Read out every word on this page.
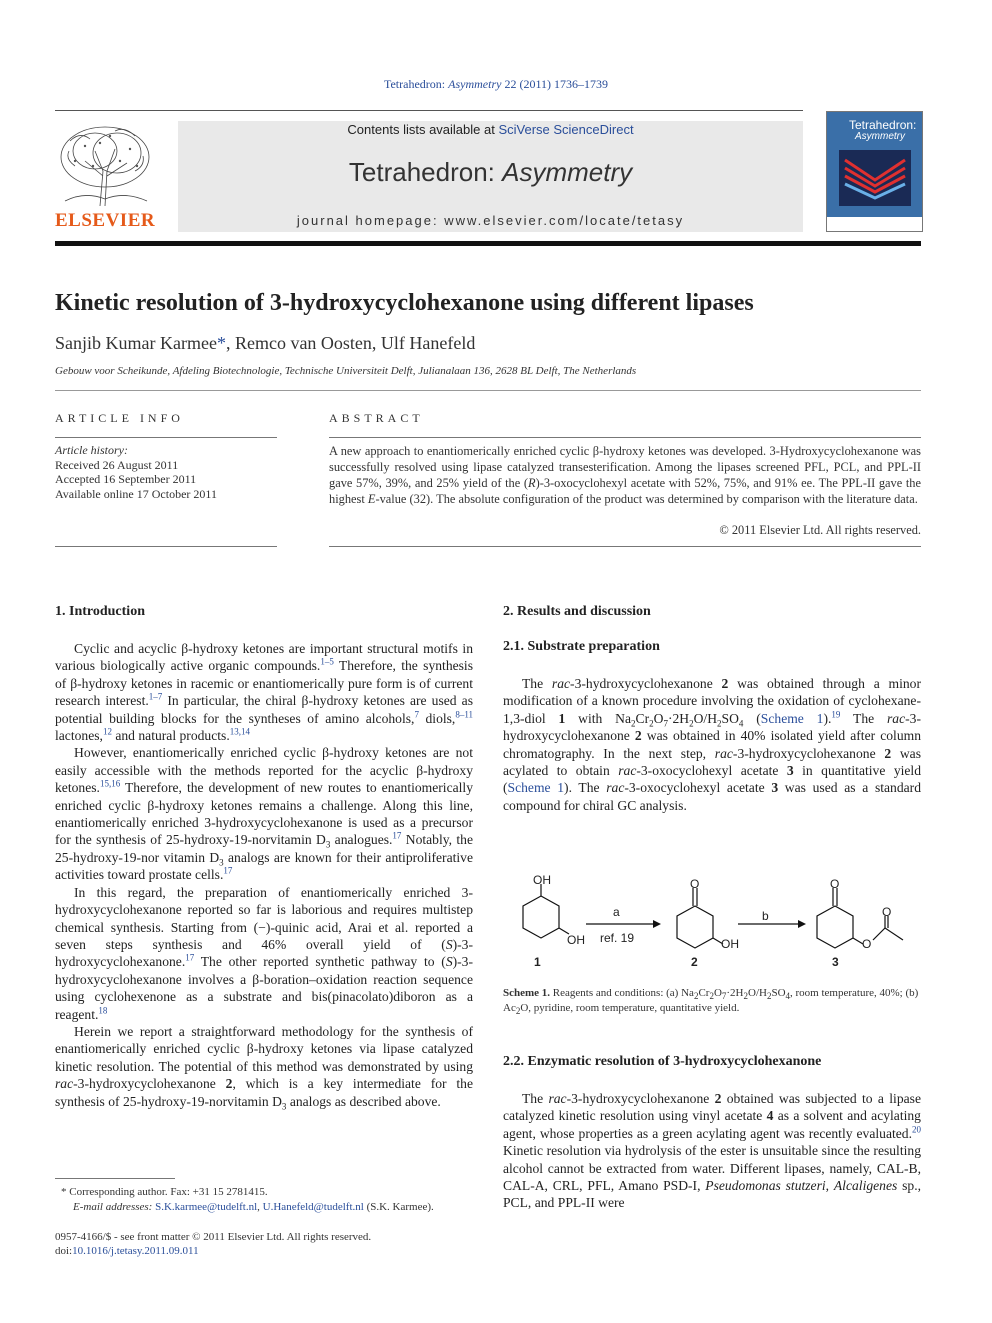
Tetrahedron: Asymmetry 22 (2011) 1736–1739
ELSEVIER
Contents lists available at SciVerse ScienceDirect
Tetrahedron: Asymmetry
journal homepage: www.elsevier.com/locate/tetasy
Tetrahedron:
Asymmetry
Kinetic resolution of 3-hydroxycyclohexanone using different lipases
Sanjib Kumar Karmee*, Remco van Oosten, Ulf Hanefeld
Gebouw voor Scheikunde, Afdeling Biotechnologie, Technische Universiteit Delft, Julianalaan 136, 2628 BL Delft, The Netherlands
ARTICLE INFO
Article history:
Received 26 August 2011
Accepted 16 September 2011
Available online 17 October 2011
ABSTRACT
A new approach to enantiomerically enriched cyclic β-hydroxy ketones was developed. 3-Hydroxycyclohexanone was successfully resolved using lipase catalyzed transesterification. Among the lipases screened PFL, PCL, and PPL-II gave 57%, 39%, and 25% yield of the (R)-3-oxocyclohexyl acetate with 52%, 75%, and 91% ee. The PPL-II gave the highest E-value (32). The absolute configuration of the product was determined by comparison with the literature data.
© 2011 Elsevier Ltd. All rights reserved.
1. Introduction

Cyclic and acyclic β-hydroxy ketones are important structural motifs in various biologically active organic compounds.$^{1-5}$ Therefore, the synthesis of β-hydroxy ketones in racemic or enantiomerically pure form is of current research interest.$^{1-7}$ In particular, the chiral β-hydroxy ketones are used as potential building blocks for the syntheses of amino alcohols,$^7$ diols,$^{8-11}$ lactones,$^{12}$ and natural products.$^{13,14}$

However, enantiomerically enriched cyclic β-hydroxy ketones are not easily accessible with the methods reported for the acyclic β-hydroxy ketones.$^{15,16}$ Therefore, the development of new routes to enantiomerically enriched cyclic β-hydroxy ketones remains a challenge. Along this line, enantiomerically enriched 3-hydroxycyclohexanone is used as a precursor for the synthesis of 25-hydroxy-19-norvitamin $D_3$ analogues.$^{17}$ Notably, the 25-hydroxy-19-nor vitamin $D_3$ analogs are known for their antiproliferative activities toward prostate cells.$^{17}$

In this regard, the preparation of enantiomerically enriched 3-hydroxycyclohexanone reported so far is laborious and requires multistep chemical synthesis. Starting from (−)-quinic acid, Arai et al. reported a seven steps synthesis and 46% overall yield of (S)-3-hydroxycyclohexanone.$^{17}$ The other reported synthetic pathway to (S)-3-hydroxycyclohexanone involves a β-boration–oxidation reaction sequence using cyclohexenone as a substrate and bis(pinacolato)diboron as a reagent.$^{18}$

Herein we report a straightforward methodology for the synthesis of enantiomerically enriched cyclic β-hydroxy ketones via lipase catalyzed kinetic resolution. The potential of this method was demonstrated by using rac-3-hydroxycyclohexanone 2, which is a key intermediate for the synthesis of 25-hydroxy-19-norvitamin $D_3$ analogs as described above.

* Corresponding author. Fax: +31 15 2781415.
E-mail addresses: S.K.karmee@tudelft.nl, U.Hanefeld@tudelft.nl (S.K. Karmee).
0957-4166/$ - see front matter © 2011 Elsevier Ltd. All rights reserved.
doi:10.1016/j.tetasy.2011.09.011
2. Results and discussion
2.1. Substrate preparation

The rac-3-hydroxycyclohexanone 2 was obtained through a minor modification of a known procedure involving the oxidation of cyclohexane-1,3-diol 1 with $Na_2Cr_2O_7\cdot 2H_2O/H_2SO_4$ (Scheme 1).$^{19}$ The rac-3-hydroxycyclohexanone 2 was obtained in 40% isolated yield after column chromatography. In the next step, rac-3-hydroxycyclohexanone 2 was acylated to obtain rac-3-oxocyclohexyl acetate 3 in quantitative yield (Scheme 1). The rac-3-oxocyclohexyl acetate 3 was used as a standard compound for chiral GC analysis.

OH
OH
O
OH
O
O
O
a
ref. 19
b
1	2	3
Scheme 1. Reagents and conditions: (a) $Na_2Cr_2O_7\cdot 2H_2O/H_2SO_4$, room temperature, 40%; (b) $Ac_2O$, pyridine, room temperature, quantitative yield.
2.2. Enzymatic resolution of 3-hydroxycyclohexanone

The rac-3-hydroxycyclohexanone 2 obtained was subjected to a lipase catalyzed kinetic resolution using vinyl acetate 4 as a solvent and acylating agent, whose properties as a green acylating agent was recently evaluated.$^{20}$ Kinetic resolution via hydrolysis of the ester is unsuitable since the resulting alcohol cannot be extracted from water. Different lipases, namely, CAL-B, CAL-A, CRL, PFL, Amano PSD-I, Pseudomonas stutzeri, Alcaligenes sp., PCL, and PPL-II were
